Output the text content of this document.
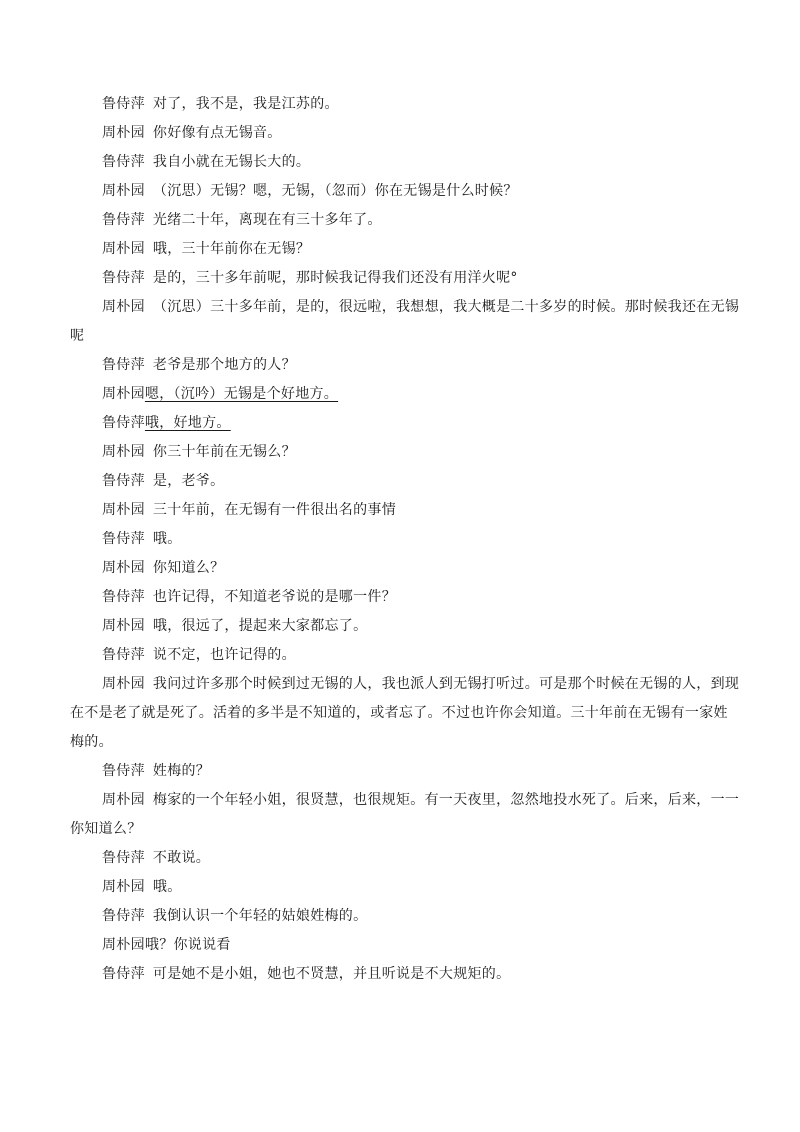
鲁侍萍 对了，我不是，我是江苏的。

周朴园 你好像有点无锡音。

鲁侍萍 我自小就在无锡长大的。

周朴园 （沉思）无锡？嗯，无锡，（忽而）你在无锡是什么时候？

鲁侍萍 光绪二十年，离现在有三十多年了。

周朴园 哦，三十年前你在无锡？

鲁侍萍 是的，三十多年前呢，那时候我记得我们还没有用洋火呢°

周朴园 （沉思）三十多年前，是的，很远啦，我想想，我大概是二十多岁的时候。那时候我还在无锡呢

鲁侍萍 老爷是那个地方的人？

周朴园嗯，（沉吟）无锡是个好地方。

鲁侍萍哦，好地方。

周朴园 你三十年前在无锡么？

鲁侍萍 是，老爷。

周朴园 三十年前，在无锡有一件很出名的事情

鲁侍萍 哦。

周朴园 你知道么？

鲁侍萍 也许记得，不知道老爷说的是哪一件？

周朴园 哦，很远了，提起来大家都忘了。

鲁侍萍 说不定，也许记得的。

周朴园 我问过许多那个时候到过无锡的人，我也派人到无锡打听过。可是那个时候在无锡的人，到现在不是老了就是死了。活着的多半是不知道的，或者忘了。不过也许你会知道。三十年前在无锡有一家姓梅的。

鲁侍萍 姓梅的？

周朴园 梅家的一个年轻小姐，很贤慧，也很规矩。有一天夜里，忽然地投水死了。后来，后来，一一你知道么？

鲁侍萍 不敢说。

周朴园 哦。

鲁侍萍 我倒认识一个年轻的姑娘姓梅的。

周朴园哦？你说说看

鲁侍萍 可是她不是小姐，她也不贤慧，并且听说是不大规矩的。
